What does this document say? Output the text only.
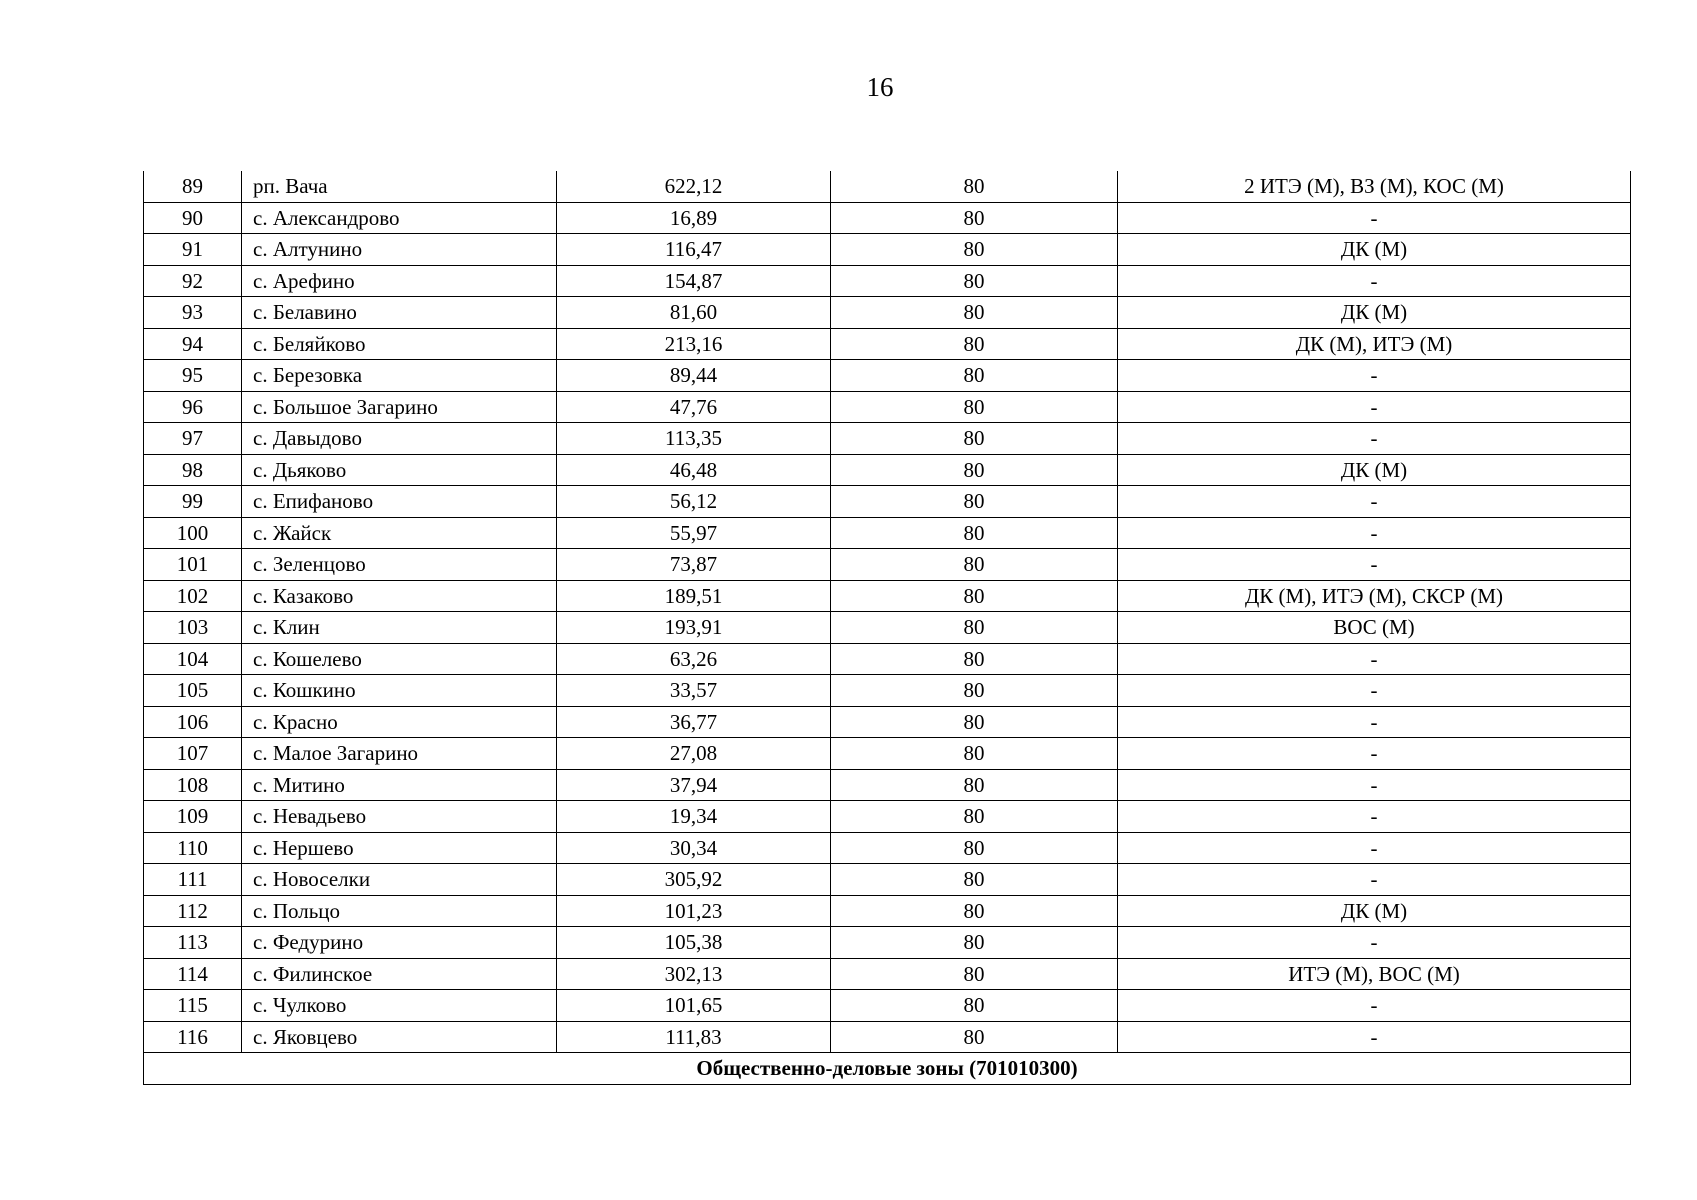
16
89	рп. Вача	622,12	80	2 ИТЭ (М), ВЗ (М), КОС (М)
90	с. Александрово	16,89	80	-
91	с. Алтунино	116,47	80	ДК (М)
92	с. Арефино	154,87	80	-
93	с. Белавино	81,60	80	ДК (М)
94	с. Беляйково	213,16	80	ДК (М), ИТЭ (М)
95	с. Березовка	89,44	80	-
96	с. Большое Загарино	47,76	80	-
97	с. Давыдово	113,35	80	-
98	с. Дьяково	46,48	80	ДК (М)
99	с. Епифаново	56,12	80	-
100	с. Жайск	55,97	80	-
101	с. Зеленцово	73,87	80	-
102	с. Казаково	189,51	80	ДК (М), ИТЭ (М), СКСР (М)
103	с. Клин	193,91	80	ВОС (М)
104	с. Кошелево	63,26	80	-
105	с. Кошкино	33,57	80	-
106	с. Красно	36,77	80	-
107	с. Малое Загарино	27,08	80	-
108	с. Митино	37,94	80	-
109	с. Невадьево	19,34	80	-
110	с. Нершево	30,34	80	-
111	с. Новоселки	305,92	80	-
112	с. Польцо	101,23	80	ДК (М)
113	с. Федурино	105,38	80	-
114	с. Филинское	302,13	80	ИТЭ (М), ВОС (М)
115	с. Чулково	101,65	80	-
116	с. Яковцево	111,83	80	-
Общественно-деловые зоны (701010300)				
